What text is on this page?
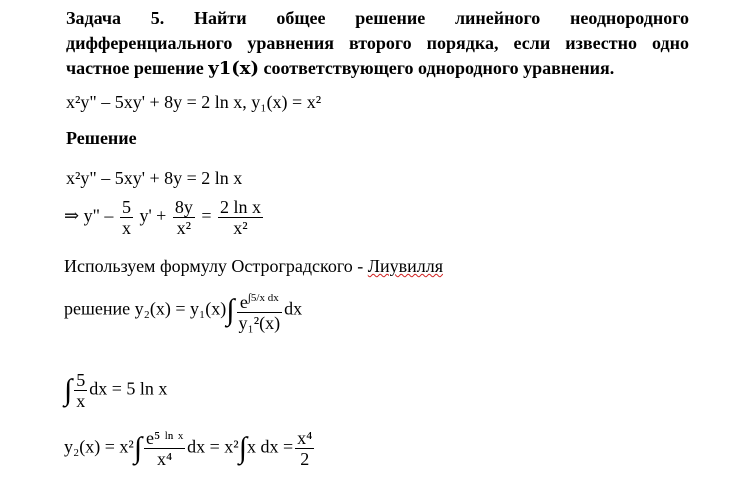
Задача 5. Найти общее решение линейного неоднородного

дифференциального уравнения второго порядка, если известно одно

частное решение y1(x) соответствующего однородного уравнения.

x²y" – 5xy' + 8y = 2 ln x, y₁(x) = x²
Решение
x²y" – 5xy' + 8y = 2 ln x
⇒ y" – $\frac{5}{x} y' + \frac{8y}{\text{x²}} = \frac{\text{2 ln x}}{\text{x²}}$
Используем формулу Остроградского - Лиувилля
решение $y_2(x) = y_1(x)\int \frac{e^{\int 5/x dx}}{\text{y₁²(x)}}$ dx
∫ $\frac{5}{x}$ dx = 5 ln x
$y_2(x) = x^2\int \frac{\text{e⁵ ˡⁿ ˣ}}{\text{x⁴}}$ dx = x²∫x dx = $\frac{\text{x⁴}}{2}$
